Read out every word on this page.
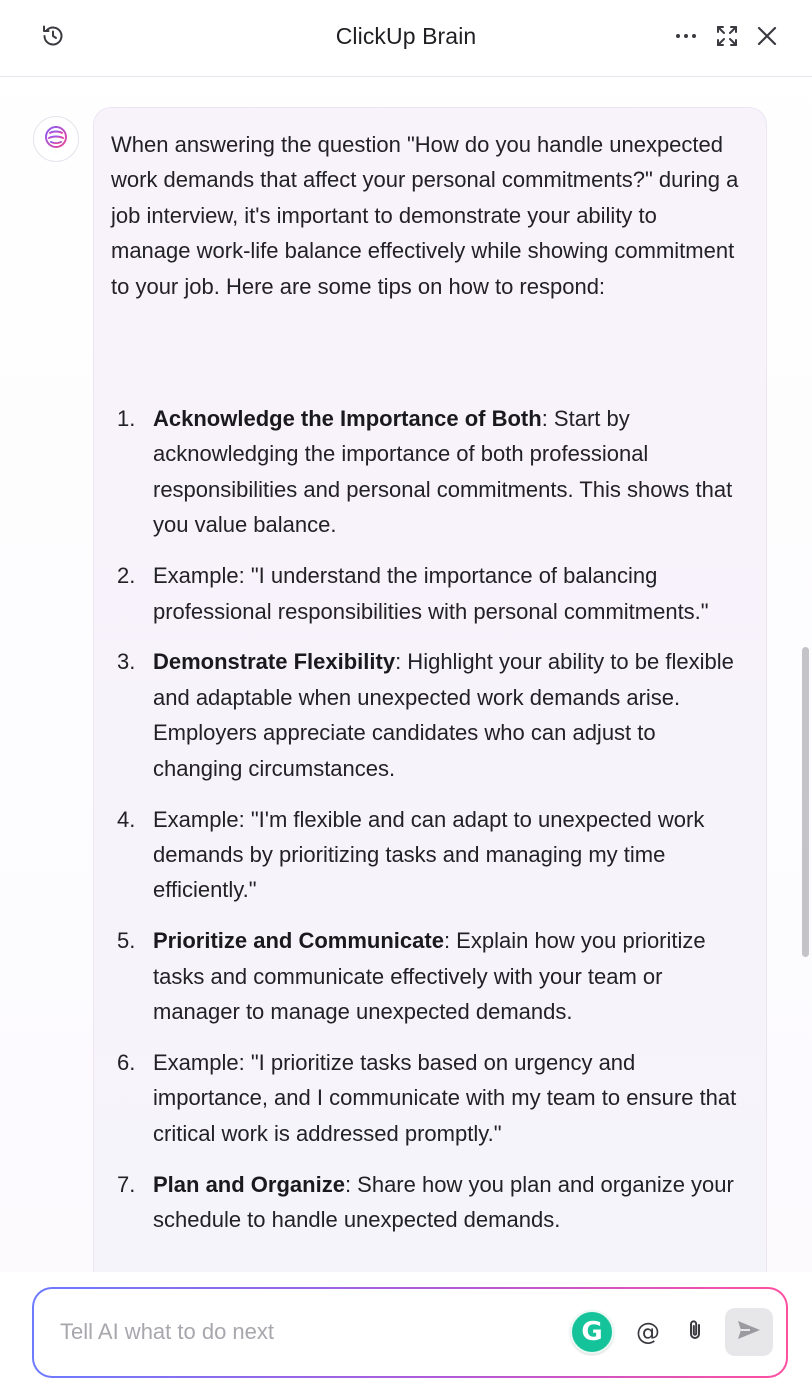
ClickUp Brain

When answering the question "How do you handle unexpected work demands that affect your personal commitments?" during a job interview, it's important to demonstrate your ability to manage work-life balance effectively while showing commitment to your job. Here are some tips on how to respond:

1. Acknowledge the Importance of Both: Start by acknowledging the importance of both professional responsibilities and personal commitments. This shows that you value balance.
2. Example: "I understand the importance of balancing professional responsibilities with personal commitments."
3. Demonstrate Flexibility: Highlight your ability to be flexible and adaptable when unexpected work demands arise. Employers appreciate candidates who can adjust to changing circumstances.
4. Example: "I'm flexible and can adapt to unexpected work demands by prioritizing tasks and managing my time efficiently."
5. Prioritize and Communicate: Explain how you prioritize tasks and communicate effectively with your team or manager to manage unexpected demands.
6. Example: "I prioritize tasks based on urgency and importance, and I communicate with my team to ensure that critical work is addressed promptly."
7. Plan and Organize: Share how you plan and organize your schedule to handle unexpected demands.
Tell AI what to do next
G @
